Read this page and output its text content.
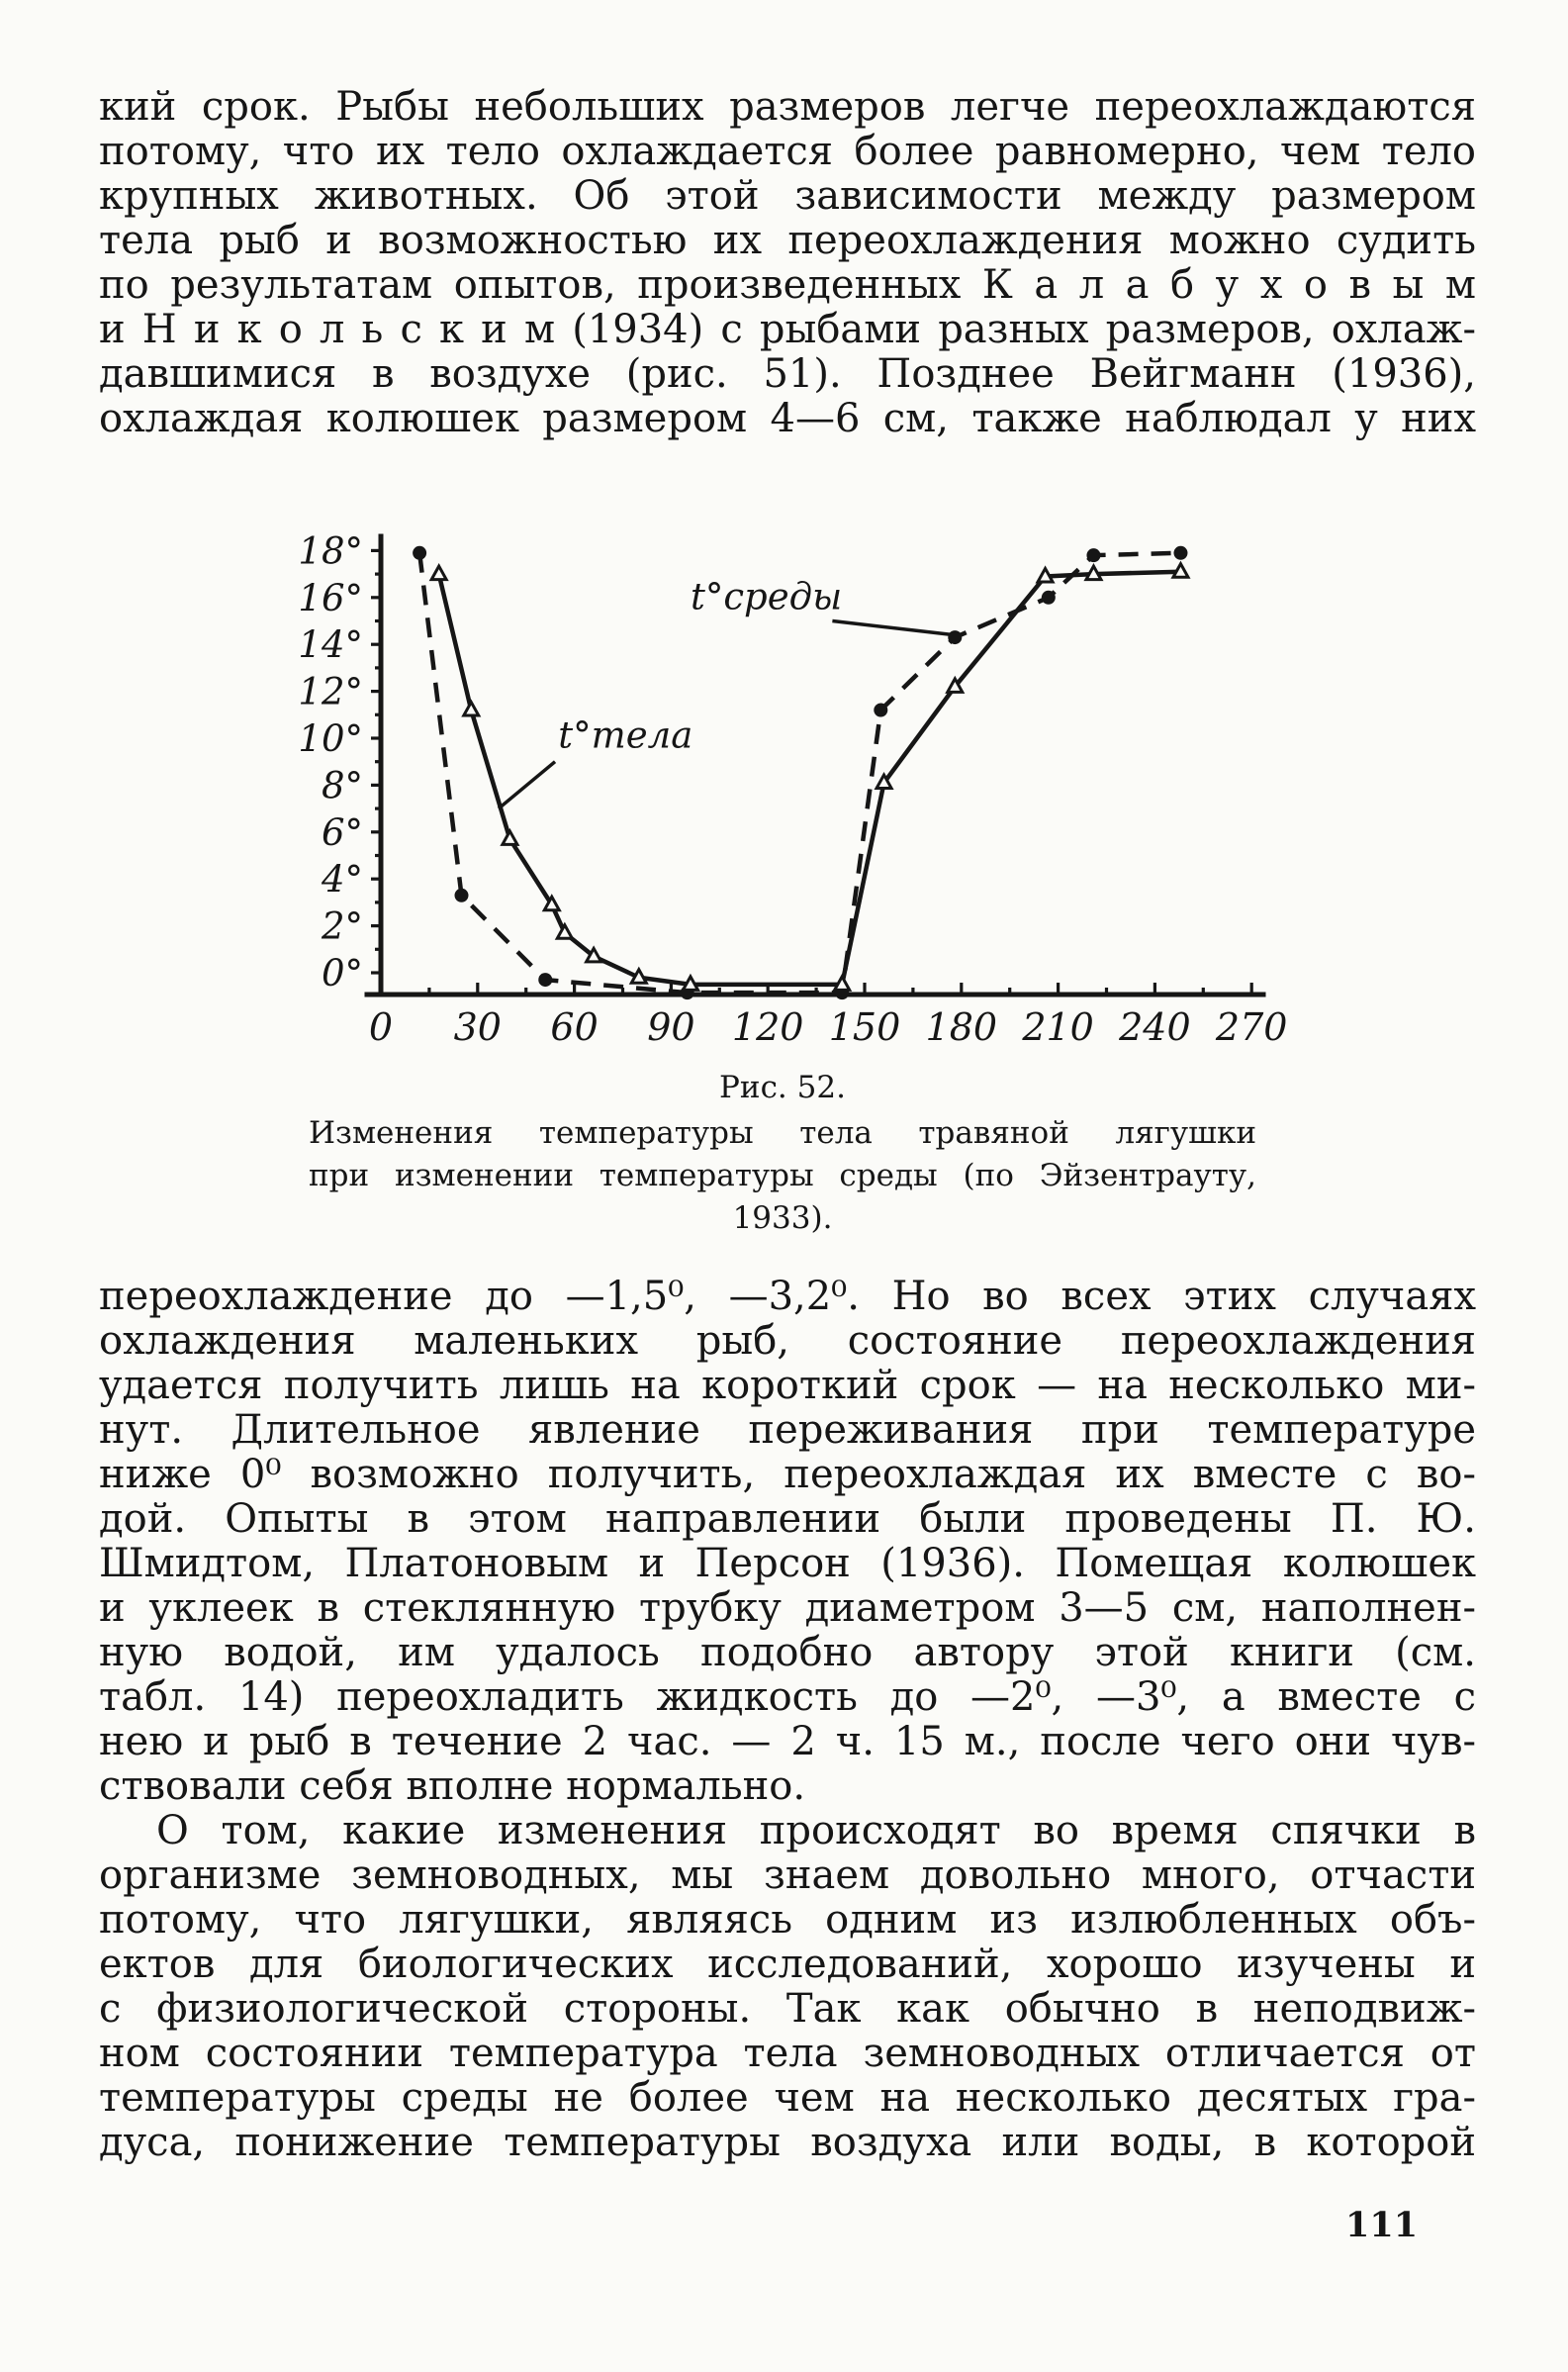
кий срок. Рыбы небольших размеров легче переохлаждаются
потому, что их тело охлаждается более равномерно, чем тело
крупных животных. Об этой зависимости между размером
тела рыб и возможностью их переохлаждения можно судить
по результатам опытов, произведенных К а л а б у х о в ы м
и Н и к о л ь с к и м (1934) с рыбами разных размеров, охлаж-
давшимися в воздухе (рис. 51). Позднее Вейгманн (1936),
охлаждая колюшек размером 4—6 см, также наблюдал у них
18°
16°
14°
12°
10°
8°
6°
4°
2°
0°
0 30 60 90 120 150 180 210 240 270
t°среды
t°тела
Рис. 52.
Изменения температуры тела травяной лягушки
при изменении температуры среды (по Эйзентрауту,
1933).
переохлаждение до —1,5⁰, —3,2⁰. Но во всех этих случаях
охлаждения маленьких рыб, состояние переохлаждения
удается получить лишь на короткий срок — на несколько ми-
нут. Длительное явление переживания при температуре
ниже 0⁰ возможно получить, переохлаждая их вместе с во-
дой. Опыты в этом направлении были проведены П. Ю.
Шмидтом, Платоновым и Персон (1936). Помещая колюшек
и уклеек в стеклянную трубку диаметром 3—5 см, наполнен-
ную водой, им удалось подобно автору этой книги (см.
табл. 14) переохладить жидкость до —2⁰, —3⁰, а вместе с
нею и рыб в течение 2 час. — 2 ч. 15 м., после чего они чув-
ствовали себя вполне нормально.
О том, какие изменения происходят во время спячки в
организме земноводных, мы знаем довольно много, отчасти
потому, что лягушки, являясь одним из излюбленных объ-
ектов для биологических исследований, хорошо изучены и
с физиологической стороны. Так как обычно в неподвиж-
ном состоянии температура тела земноводных отличается от
температуры среды не более чем на несколько десятых гра-
дуса, понижение температуры воздуха или воды, в которой
111
